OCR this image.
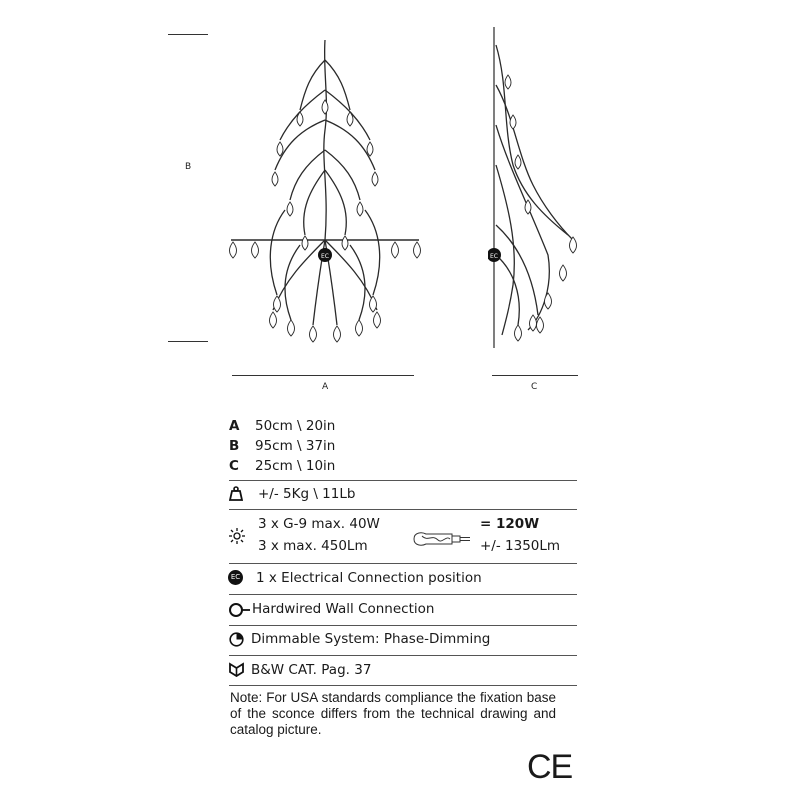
B
A	C
EC	EC
A 50cm \ 20in
B 95cm \ 37in
C 25cm \ 10in
+/- 5Kg \ 11Lb
3 x G-9 max. 40W
3 x max. 450Lm
= 120W
+/- 1350Lm
EC 1 x Electrical Connection position
Hardwired Wall Connection
Dimmable System: Phase-Dimming
B&W CAT. Pag. 37
Note: For USA standards compliance the fixation base of the sconce differs from the technical drawing and catalog picture.
CE
